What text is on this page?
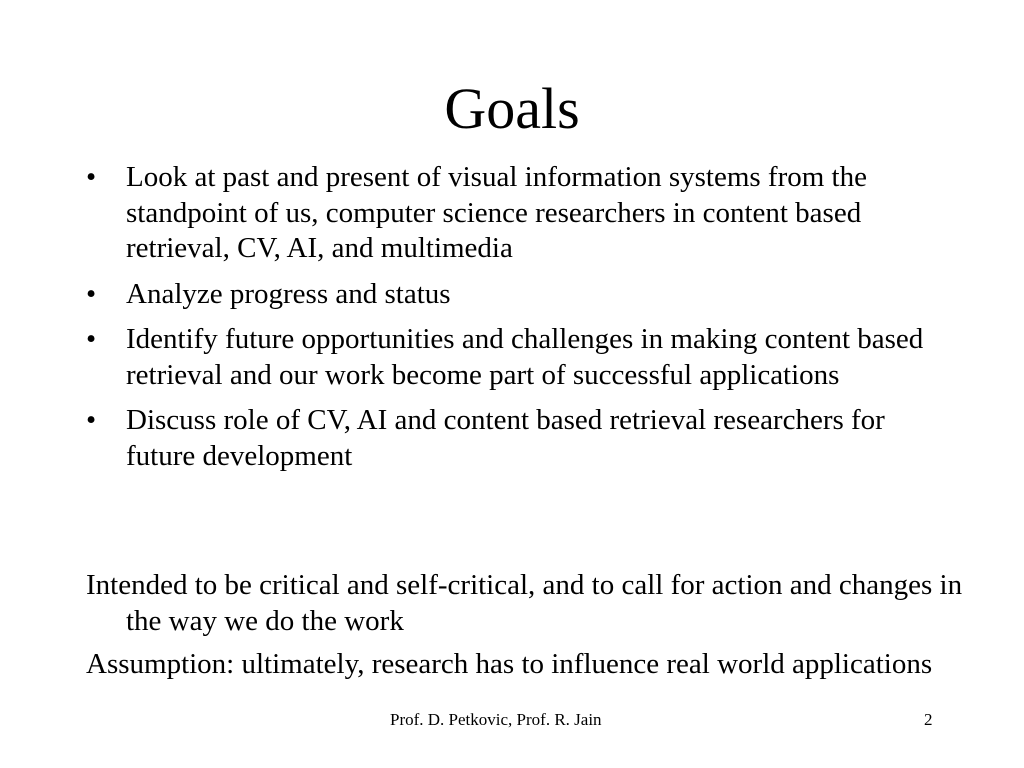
Goals
•	Look at past and present of visual information systems from the standpoint of us, computer science researchers in content based retrieval, CV, AI, and multimedia
•	Analyze progress and status
•	Identify future opportunities and challenges in making content based retrieval and our work become part of successful applications
•	Discuss role of CV, AI and content based retrieval researchers for future development

Intended to be critical and self-critical, and to call for action and changes in the way we do the work

Assumption: ultimately, research has to influence real world applications

Prof. D. Petkovic, Prof. R. Jain	2
